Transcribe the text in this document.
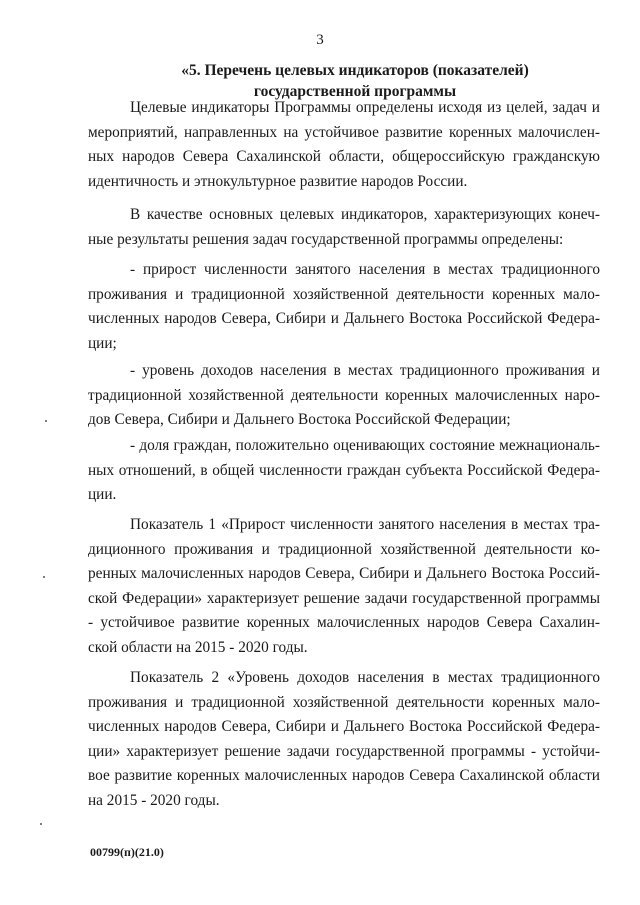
3
«5. Перечень целевых индикаторов (показателей)
государственной программы
Целевые индикаторы Программы определены исходя из целей, задач и
мероприятий, направленных на устойчивое развитие коренных малочислен-
ных народов Севера Сахалинской области, общероссийскую гражданскую
идентичность и этнокультурное развитие народов России.
В качестве основных целевых индикаторов, характеризующих конеч-
ные результаты решения задач государственной программы определены:
- прирост численности занятого населения в местах традиционного
проживания и традиционной хозяйственной деятельности коренных мало-
численных народов Севера, Сибири и Дальнего Востока Российской Федера-
ции;
- уровень доходов населения в местах традиционного проживания и
традиционной хозяйственной деятельности коренных малочисленных наро-
дов Севера, Сибири и Дальнего Востока Российской Федерации;
- доля граждан, положительно оценивающих состояние межнациональ-
ных отношений, в общей численности граждан субъекта Российской Федера-
ции.
Показатель 1 «Прирост численности занятого населения в местах тра-
диционного проживания и традиционной хозяйственной деятельности ко-
ренных малочисленных народов Севера, Сибири и Дальнего Востока Россий-
ской Федерации» характеризует решение задачи государственной программы
- устойчивое развитие коренных малочисленных народов Севера Сахалин-
ской области на 2015 - 2020 годы.
Показатель 2 «Уровень доходов населения в местах традиционного
проживания и традиционной хозяйственной деятельности коренных мало-
численных народов Севера, Сибири и Дальнего Востока Российской Федера-
ции» характеризует решение задачи государственной программы - устойчи-
вое развитие коренных малочисленных народов Севера Сахалинской области
на 2015 - 2020 годы.
00799(п)(21.0)
